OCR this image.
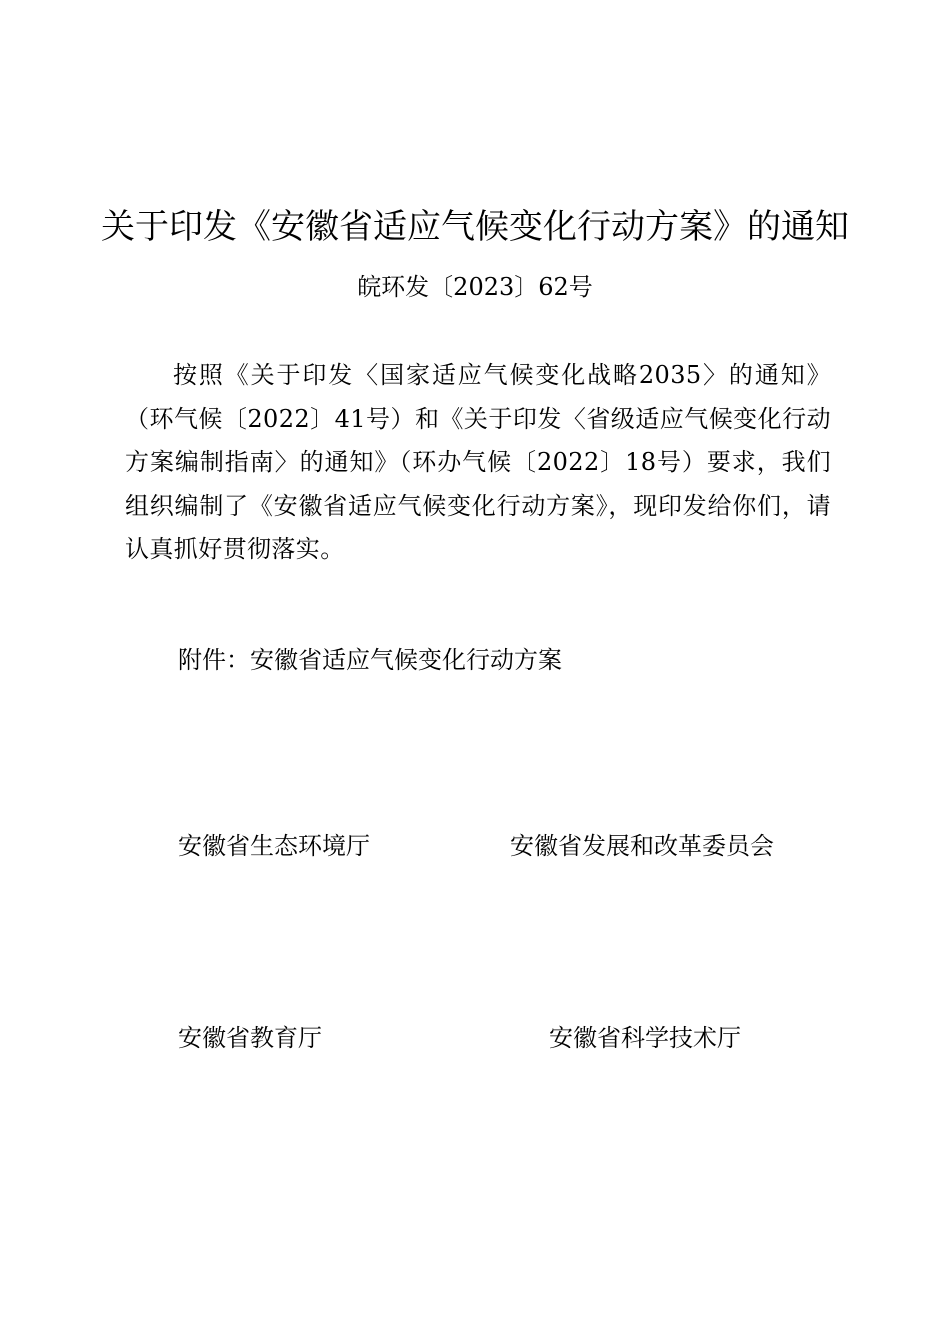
关于印发《安徽省适应气候变化行动方案》的通知
皖环发〔2023〕62号

按照《关于印发〈国家适应气候变化战略2035〉的通知》（环气候〔2022〕41号）和《关于印发〈省级适应气候变化行动方案编制指南〉的通知》（环办气候〔2022〕18号）要求，我们组织编制了《安徽省适应气候变化行动方案》，现印发给你们，请认真抓好贯彻落实。

附件：安徽省适应气候变化行动方案
安徽省生态环境厅	安徽省发展和改革委员会
安徽省教育厅	安徽省科学技术厅
